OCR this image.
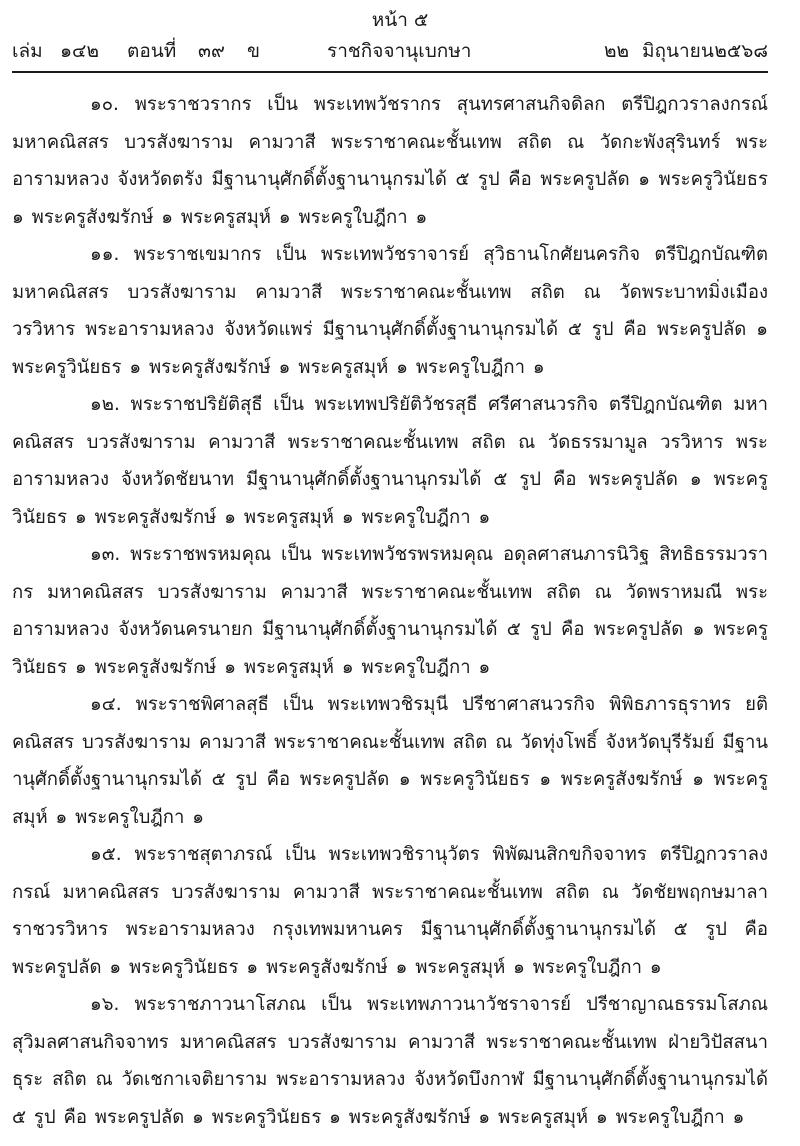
หน้า ๕
เล่ม ๑๔๒ ตอนที่ ๓๙ ข	ราชกิจจานุเบกษา	๒๒ มิถุนายน ๒๕๖๘

๑๐. พระราชวรากร เป็น พระเทพวัชรากร สุนทรศาสนกิจดิลก ตรีปิฎกวราลงกรณ์ มหาคณิสสร บวรสังฆาราม คามวาสี พระราชาคณะชั้นเทพ สถิต ณ วัดกะพังสุรินทร์ พระอารามหลวง จังหวัดตรัง มีฐานานุศักดิ์ตั้งฐานานุกรมได้ ๕ รูป คือ พระครูปลัด ๑ พระครูวินัยธร ๑ พระครูสังฆรักษ์ ๑ พระครูสมุห์ ๑ พระครูใบฎีกา ๑

๑๑. พระราชเขมากร เป็น พระเทพวัชราจารย์ สุวิธานโกศัยนครกิจ ตรีปิฎกบัณฑิต มหาคณิสสร บวรสังฆาราม คามวาสี พระราชาคณะชั้นเทพ สถิต ณ วัดพระบาทมิ่งเมือง วรวิหาร พระอารามหลวง จังหวัดแพร่ มีฐานานุศักดิ์ตั้งฐานานุกรมได้ ๕ รูป คือ พระครูปลัด ๑ พระครูวินัยธร ๑ พระครูสังฆรักษ์ ๑ พระครูสมุห์ ๑ พระครูใบฎีกา ๑

๑๒. พระราชปริยัติสุธี เป็น พระเทพปริยัติวัชรสุธี ศรีศาสนวรกิจ ตรีปิฎกบัณฑิต มหาคณิสสร บวรสังฆาราม คามวาสี พระราชาคณะชั้นเทพ สถิต ณ วัดธรรมามูล วรวิหาร พระอารามหลวง จังหวัดชัยนาท มีฐานานุศักดิ์ตั้งฐานานุกรมได้ ๕ รูป คือ พระครูปลัด ๑ พระครูวินัยธร ๑ พระครูสังฆรักษ์ ๑ พระครูสมุห์ ๑ พระครูใบฎีกา ๑

๑๓. พระราชพรหมคุณ เป็น พระเทพวัชรพรหมคุณ อดุลศาสนภารนิวิฐ สิทธิธรรมวรากร มหาคณิสสร บวรสังฆาราม คามวาสี พระราชาคณะชั้นเทพ สถิต ณ วัดพราหมณี พระอารามหลวง จังหวัดนครนายก มีฐานานุศักดิ์ตั้งฐานานุกรมได้ ๕ รูป คือ พระครูปลัด ๑ พระครูวินัยธร ๑ พระครูสังฆรักษ์ ๑ พระครูสมุห์ ๑ พระครูใบฎีกา ๑

๑๔. พระราชพิศาลสุธี เป็น พระเทพวชิรมุนี ปรีชาศาสนวรกิจ พิพิธภารธุราทร ยติคณิสสร บวรสังฆาราม คามวาสี พระราชาคณะชั้นเทพ สถิต ณ วัดทุ่งโพธิ์ จังหวัดบุรีรัมย์ มีฐานานุศักดิ์ตั้งฐานานุกรมได้ ๕ รูป คือ พระครูปลัด ๑ พระครูวินัยธร ๑ พระครูสังฆรักษ์ ๑ พระครูสมุห์ ๑ พระครูใบฎีกา ๑

๑๕. พระราชสุตาภรณ์ เป็น พระเทพวชิรานุวัตร พิพัฒนสิกขกิจจาทร ตรีปิฎกวราลงกรณ์ มหาคณิสสร บวรสังฆาราม คามวาสี พระราชาคณะชั้นเทพ สถิต ณ วัดชัยพฤกษมาลา ราชวรวิหาร พระอารามหลวง กรุงเทพมหานคร มีฐานานุศักดิ์ตั้งฐานานุกรมได้ ๕ รูป คือ พระครูปลัด ๑ พระครูวินัยธร ๑ พระครูสังฆรักษ์ ๑ พระครูสมุห์ ๑ พระครูใบฎีกา ๑

๑๖. พระราชภาวนาโสภณ เป็น พระเทพภาวนาวัชราจารย์ ปรีชาญาณธรรมโสภณ สุวิมลศาสนกิจจาทร มหาคณิสสร บวรสังฆาราม คามวาสี พระราชาคณะชั้นเทพ ฝ่ายวิปัสสนาธุระ สถิต ณ วัดเชกาเจติยาราม พระอารามหลวง จังหวัดบึงกาฬ มีฐานานุศักดิ์ตั้งฐานานุกรมได้ ๕ รูป คือ พระครูปลัด ๑ พระครูวินัยธร ๑ พระครูสังฆรักษ์ ๑ พระครูสมุห์ ๑ พระครูใบฎีกา ๑
